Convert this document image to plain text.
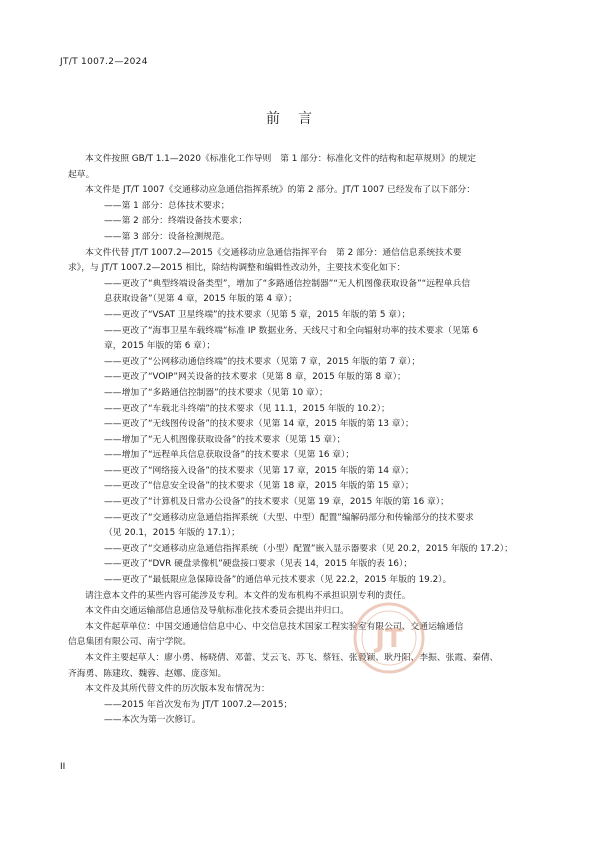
JT/T 1007.2—2024
前言
本文件按照 GB/T 1.1—2020《标准化工作导则　第 1 部分：标准化文件的结构和起草规则》的规定
起草。
本文件是 JT/T 1007《交通移动应急通信指挥系统》的第 2 部分。JT/T 1007 已经发布了以下部分：
——第 1 部分：总体技术要求；
——第 2 部分：终端设备技术要求；
——第 3 部分：设备检测规范。
本文件代替 JT/T 1007.2—2015《交通移动应急通信指挥平台　第 2 部分：通信信息系统技术要
求》，与 JT/T 1007.2—2015 相比，除结构调整和编辑性改动外，主要技术变化如下：
——更改了“典型终端设备类型”，增加了“多路通信控制器”“无人机图像获取设备”“远程单兵信
息获取设备”（见第 4 章，2015 年版的第 4 章）；
——更改了“VSAT 卫星终端”的技术要求（见第 5 章，2015 年版的第 5 章）；
——更改了“海事卫星车载终端”标准 IP 数据业务、天线尺寸和全向辐射功率的技术要求（见第 6
章，2015 年版的第 6 章）；
——更改了“公网移动通信终端”的技术要求（见第 7 章，2015 年版的第 7 章）；
——更改了“VOIP”网关设备的技术要求（见第 8 章，2015 年版的第 8 章）；
——增加了“多路通信控制器”的技术要求（见第 10 章）；
——更改了“车载北斗终端”的技术要求（见 11.1，2015 年版的 10.2）；
——更改了“无线图传设备”的技术要求（见第 14 章，2015 年版的第 13 章）；
——增加了“无人机图像获取设备”的技术要求（见第 15 章）；
——增加了“远程单兵信息获取设备”的技术要求（见第 16 章）；
——更改了“网络接入设备”的技术要求（见第 17 章，2015 年版的第 14 章）；
——更改了“信息安全设备”的技术要求（见第 18 章，2015 年版的第 15 章）；
——更改了“计算机及日常办公设备”的技术要求（见第 19 章，2015 年版的第 16 章）；
——更改了“交通移动应急通信指挥系统（大型、中型）配置”编解码部分和传输部分的技术要求
（见 20.1，2015 年版的 17.1）；
——更改了“交通移动应急通信指挥系统（小型）配置”嵌入显示器要求（见 20.2，2015 年版的 17.2）；
——更改了“DVR 硬盘录像机”硬盘接口要求（见表 14，2015 年版的表 16）；
——更改了“最低限应急保障设备”的通信单元技术要求（见 22.2，2015 年版的 19.2）。
请注意本文件的某些内容可能涉及专利。本文件的发布机构不承担识别专利的责任。
本文件由交通运输部信息通信及导航标准化技术委员会提出并归口。
本文件起草单位：中国交通通信信息中心、中交信息技术国家工程实验室有限公司、交通运输通信
信息集团有限公司、南宁学院。
本文件主要起草人：廖小勇、杨晓倩、邓蕾、艾云飞、苏飞、蔡钰、张毅颖、耿丹阳、李振、张霞、秦倩、
齐海勇、陈建玫、魏蓉、赵娜、庞彦知。
本文件及其所代替文件的历次版本发布情况为：
——2015 年首次发布为 JT/T 1007.2—2015；
——本次为第一次修订。
JT
II
